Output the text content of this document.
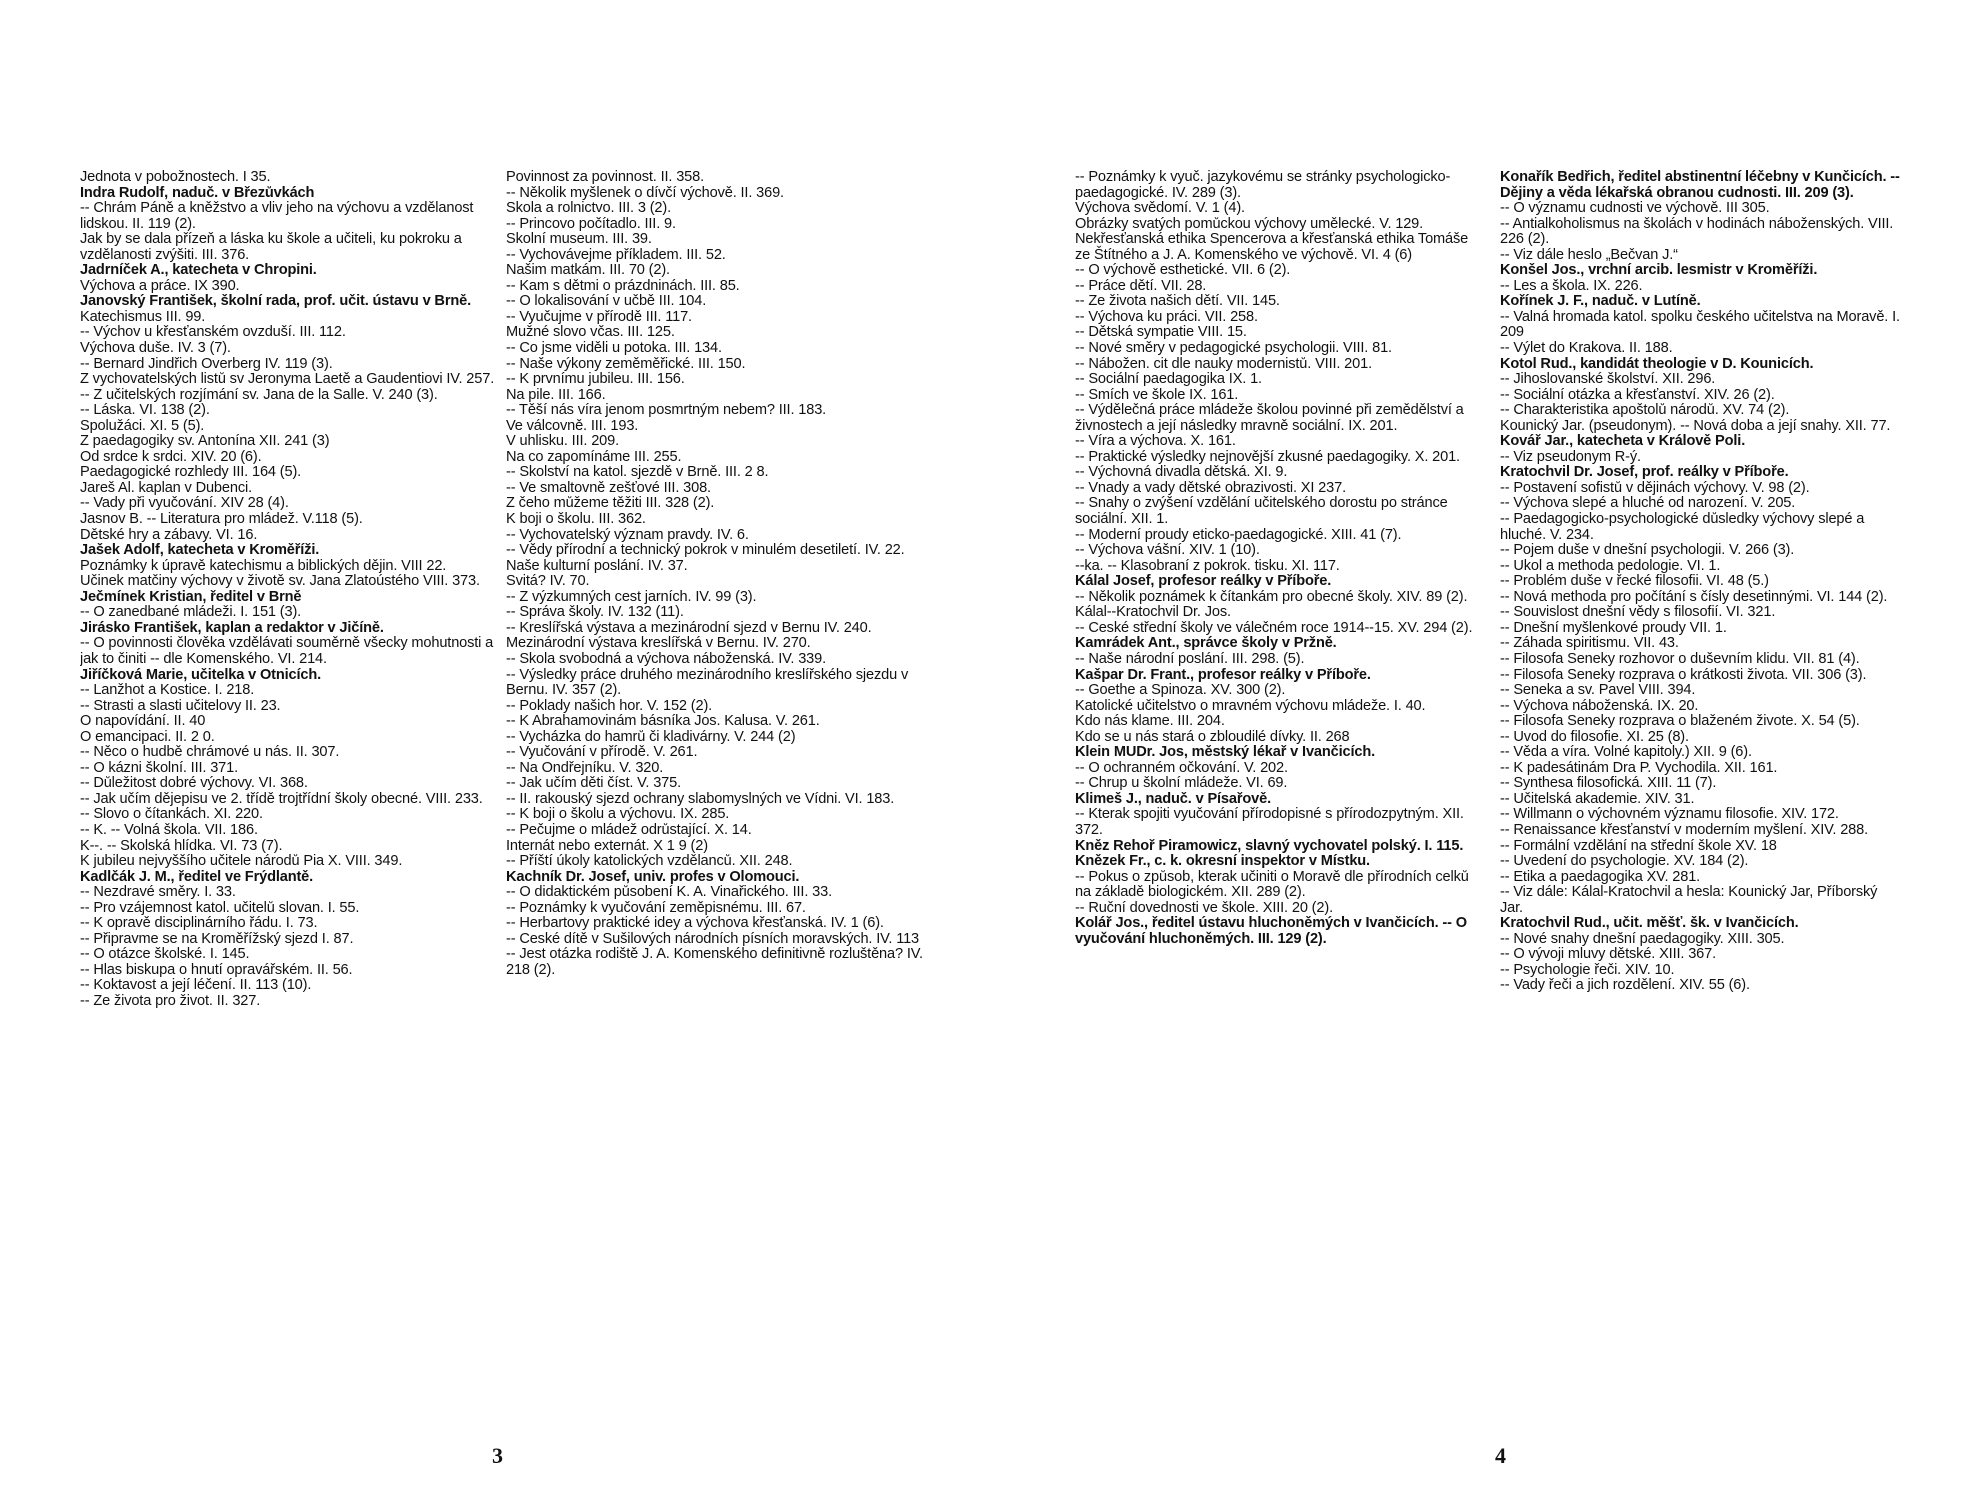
Jednota v pobožnostech. I 35.
Indra Rudolf, naduč. v Březůvkách
-- Chrám Páně a kněžstvo a vliv jeho na výchovu a vzdělanost lidskou. II. 119 (2).
Jak by se dala přízeň a láska ku škole a učiteli, ku pokroku a vzdělanosti zvýšiti. III. 376.
Jadrníček A., katecheta v Chropini.
Výchova a práce. IX 390.
Janovský František, školní rada, prof. učit. ústavu v Brně.
Katechismus III. 99.
-- Výchov u křesťanském ovzduší. III. 112.
Výchova duše. IV. 3 (7).
-- Bernard Jindřich Overberg IV. 119 (3).
Z vychovatelských listů sv Jeronyma Laetě a Gaudentiovi IV. 257.
-- Z učitelských rozjímání sv. Jana de la Salle. V. 240 (3).
-- Láska. VI. 138 (2).
Spolužáci. XI. 5 (5).
Z paedagogiky sv. Antonína XII. 241 (3)
Od srdce k srdci. XIV. 20 (6).
Paedagogické rozhledy III. 164 (5).
Jareš Al. kaplan v Dubenci.
-- Vady při vyučování. XIV 28 (4).
Jasnov B. -- Literatura pro mládež. V.118 (5).
Dětské hry a zábavy. VI. 16.
Jašek Adolf, katecheta v Kroměříži.
Poznámky k úpravě katechismu a biblických dějin. VIII 22.
Účinek matčiny výchovy v životě sv. Jana Zlatoústého VIII. 373.
Ječmínek Kristian, ředitel v Brně
-- O zanedbané mládeži. I. 151 (3).
Jirásko František, kaplan a redaktor v Jičíně.
-- O povinnosti člověka vzdělávati souměrně všecky mohutnosti a jak to činiti -- dle Komenského. VI. 214.
Jiříčková Marie, učitelka v Otnicích.
-- Lanžhot a Kostice. I. 218.
-- Strasti a slasti učitelovy II. 23.
O napovídání. II. 40
O emancipaci. II. 2 0.
-- Něco o hudbě chrámové u nás. II. 307.
-- O kázni školní. III. 371.
-- Důležitost dobré výchovy. VI. 368.
-- Jak učím dějepisu ve 2. třídě trojtřídní školy obecné. VIII. 233.
-- Slovo o čítankách. XI. 220.
-- K. -- Volná škola. VII. 186.
K--. -- Školská hlídka. VI. 73 (7).
K jubileu nejvyššího učitele národů Pia X. VIII. 349.
Kadlčák J. M., ředitel ve Frýdlantě.
-- Nezdravé směry. I. 33.
-- Pro vzájemnost katol. učitelů slovan. I. 55.
-- K opravě disciplinárního řádu. I. 73.
-- Připravme se na Kroměřížský sjezd I. 87.
-- O otázce školské. I. 145.
-- Hlas biskupa o hnutí opravářském. II. 56.
-- Koktavost a její léčení. II. 113 (10).
-- Ze života pro život. II. 327.
Povinnost za povinnost. II. 358.
-- Několik myšlenek o dívčí výchově. II. 369.
Škola a rolnictvo. III. 3 (2).
-- Princovo počítadlo. III. 9.
Školní museum. III. 39.
-- Vychovávejme příkladem. III. 52.
Našim matkám. III. 70 (2).
-- Kam s dětmi o prázdninách. III. 85.
-- O lokalisování v učbě III. 104.
-- Vyučujme v přírodě III. 117.
Mužné slovo včas. III. 125.
-- Co jsme viděli u potoka. III. 134.
-- Naše výkony zeměměřické. III. 150.
-- K prvnímu jubileu. III. 156.
Na pile. III. 166.
-- Těší nás víra jenom posmrtným nebem? III. 183.
Ve válcovně. III. 193.
V uhlisku. III. 209.
Na co zapomínáme III. 255.
-- Školství na katol. sjezdě v Brně. III. 2 8.
-- Ve smaltovně zešťové III. 308.
Z čeho můžeme těžiti III. 328 (2).
K boji o školu. III. 362.
-- Vychovatelský význam pravdy. IV. 6.
-- Vědy přírodní a technický pokrok v minulém desetiletí. IV. 22.
Naše kulturní poslání. IV. 37.
Svitá? IV. 70.
-- Z výzkumných cest jarních. IV. 99 (3).
-- Správa školy. IV. 132 (11).
-- Kreslířská výstava a mezinárodní sjezd v Bernu IV. 240.
Mezinárodní výstava kreslířská v Bernu. IV. 270.
-- Škola svobodná a výchova náboženská. IV. 339.
-- Výsledky práce druhého mezinárodního kreslířského sjezdu v Bernu. IV. 357 (2).
-- Poklady našich hor. V. 152 (2).
-- K Abrahamovinám básníka Jos. Kalusa. V. 261.
-- Vycházka do hamrů či kladivárny. V. 244 (2)
-- Vyučování v přírodě. V. 261.
-- Na Ondřejníku. V. 320.
-- Jak učím děti číst. V. 375.
-- II. rakouský sjezd ochrany slabomyslných ve Vídni. VI. 183.
-- K boji o školu a výchovu. IX. 285.
-- Pečujme o mládež odrůstající. X. 14.
Internát nebo externát. X 1 9 (2)
-- Příští úkoly katolických vzdělanců. XII. 248.
Kachník Dr. Josef, univ. profes v Olomouci.
-- O didaktickém působení K. A. Vinařického. III. 33.
-- Poznámky k vyučování zeměpisnému. III. 67.
-- Herbartovy praktické idey a výchova křesťanská. IV. 1 (6).
-- České dítě v Sušilových národních písních moravských. IV. 113
-- Jest otázka rodiště J. A. Komenského definitivně rozluštěna? IV. 218 (2).
-- Poznámky k vyuč. jazykovému se stránky psychologicko-paedagogické. IV. 289 (3).
Výchova svědomí. V. 1 (4).
Obrázky svatých pomůckou výchovy umělecké. V. 129.
Nekřesťanská ethika Spencerova a křesťanská ethika Tomáše ze Štítného a J. A. Komenského ve výchově. VI. 4 (6)
-- O výchově esthetické. VII. 6 (2).
-- Práce dětí. VII. 28.
-- Ze života našich dětí. VII. 145.
-- Výchova ku práci. VII. 258.
-- Dětská sympatie VIII. 15.
-- Nové směry v pedagogické psychologii. VIII. 81.
-- Nábožen. cit dle nauky modernistů. VIII. 201.
-- Sociální paedagogika IX. 1.
-- Smích ve škole IX. 161.
-- Výdělečná práce mládeže školou povinné při zemědělství a živnostech a její následky mravně sociální. IX. 201.
-- Víra a výchova. X. 161.
-- Praktické výsledky nejnovější zkusné paedagogiky. X. 201.
-- Výchovná divadla dětská. XI. 9.
-- Vnady a vady dětské obrazivosti. XI 237.
-- Snahy o zvýšení vzdělání učitelského dorostu po stránce sociální. XII. 1.
-- Moderní proudy eticko-paedagogické. XIII. 41 (7).
-- Výchova vášní. XIV. 1 (10).
--ka. -- Klasobraní z pokrok. tisku. XI. 117.
Kálal Josef, profesor reálky v Příboře.
-- Několik poznámek k čítankám pro obecné školy. XIV. 89 (2).
Kálal--Kratochvil Dr. Jos.
-- České střední školy ve válečném roce 1914--15. XV. 294 (2).
Kamrádek Ant., správce školy v Pržně.
-- Naše národní poslání. III. 298. (5).
Kašpar Dr. Frant., profesor reálky v Příboře.
-- Goethe a Spinoza. XV. 300 (2).
Katolické učitelstvo o mravném výchovu mládeže. I. 40.
Kdo nás klame. III. 204.
Kdo se u nás stará o zbloudilé dívky. II. 268
Klein MUDr. Jos, městský lékař v Ivančicích.
-- O ochranném očkování. V. 202.
-- Chrup u školní mládeže. VI. 69.
Klimeš J., naduč. v Písařově.
-- Kterak spojiti vyučování přírodopisné s přírodozpytným. XII. 372.
Kněz Řehoř Piramowicz, slavný vychovatel polský. I. 115.
Knězek Fr., c. k. okresní inspektor v Místku.
-- Pokus o způsob, kterak učiniti o Moravě dle přírodních celků na základě biologickém. XII. 289 (2).
-- Ruční dovednosti ve škole. XIII. 20 (2).
Kolář Jos., ředitel ústavu hluchoněmých v Ivančicích. -- O vyučování hluchoněmých. III. 129 (2).
Konařík Bedřich, ředitel abstinentní léčebny v Kunčicích. -- Dějiny a věda lékařská obranou cudnosti. III. 209 (3).
-- O významu cudnosti ve výchově. III 305.
-- Antialkoholismus na školách v hodinách náboženských. VIII. 226 (2).
-- Viz dále heslo „Bečvan J.“
Konšel Jos., vrchní arcib. lesmistr v Kroměříži.
-- Les a škola. IX. 226.
Kořínek J. F., naduč. v Lutíně.
-- Valná hromada katol. spolku českého učitelstva na Moravě. I. 209
-- Výlet do Krakova. II. 188.
Kotol Rud., kandidát theologie v D. Kounicích.
-- Jihoslovanské školství. XII. 296.
-- Sociální otázka a křesťanství. XIV. 26 (2).
-- Charakteristika apoštolů národů. XV. 74 (2).
Kounický Jar. (pseudonym). -- Nová doba a její snahy. XII. 77.
Kovář Jar., katecheta v Králově Poli.
-- Viz pseudonym R-ý.
Kratochvil Dr. Josef, prof. reálky v Příboře.
-- Postavení sofistů v dějinách výchovy. V. 98 (2).
-- Výchova slepé a hluché od narození. V. 205.
-- Paedagogicko-psychologické důsledky výchovy slepé a hluché. V. 234.
-- Pojem duše v dnešní psychologii. V. 266 (3).
-- Úkol a methoda pedologie. VI. 1.
-- Problém duše v řecké filosofii. VI. 48 (5.)
-- Nová methoda pro počítání s čísly desetinnými. VI. 144 (2).
-- Souvislost dnešní vědy s filosofií. VI. 321.
-- Dnešní myšlenkové proudy VII. 1.
-- Záhada spiritismu. VII. 43.
-- Filosofa Seneky rozhovor o duševním klidu. VII. 81 (4).
-- Filosofa Seneky rozprava o krátkosti života. VII. 306 (3).
-- Seneka a sv. Pavel VIII. 394.
-- Výchova náboženská. IX. 20.
-- Filosofa Seneky rozprava o blaženém živote. X. 54 (5).
-- Úvod do filosofie. XI. 25 (8).
-- Věda a víra. Volné kapitoly.) XII. 9 (6).
-- K padesátinám Dra P. Vychodila. XII. 161.
-- Synthesa filosofická. XIII. 11 (7).
-- Učitelská akademie. XIV. 31.
-- Willmann o výchovném významu filosofie. XIV. 172.
-- Renaissance křesťanství v moderním myšlení. XIV. 288.
-- Formální vzdělání na střední škole XV. 18
-- Uvedení do psychologie. XV. 184 (2).
-- Etika a paedagogika XV. 281.
-- Viz dále: Kálal-Kratochvil a hesla: Kounický Jar, Příborský Jar.
Kratochvil Rud., učit. měšť. šk. v Ivančicích.
-- Nové snahy dnešní paedagogiky. XIII. 305.
-- O vývoji mluvy dětské. XIII. 367.
-- Psychologie řeči. XIV. 10.
-- Vady řeči a jich rozdělení. XIV. 55 (6).
3	4
